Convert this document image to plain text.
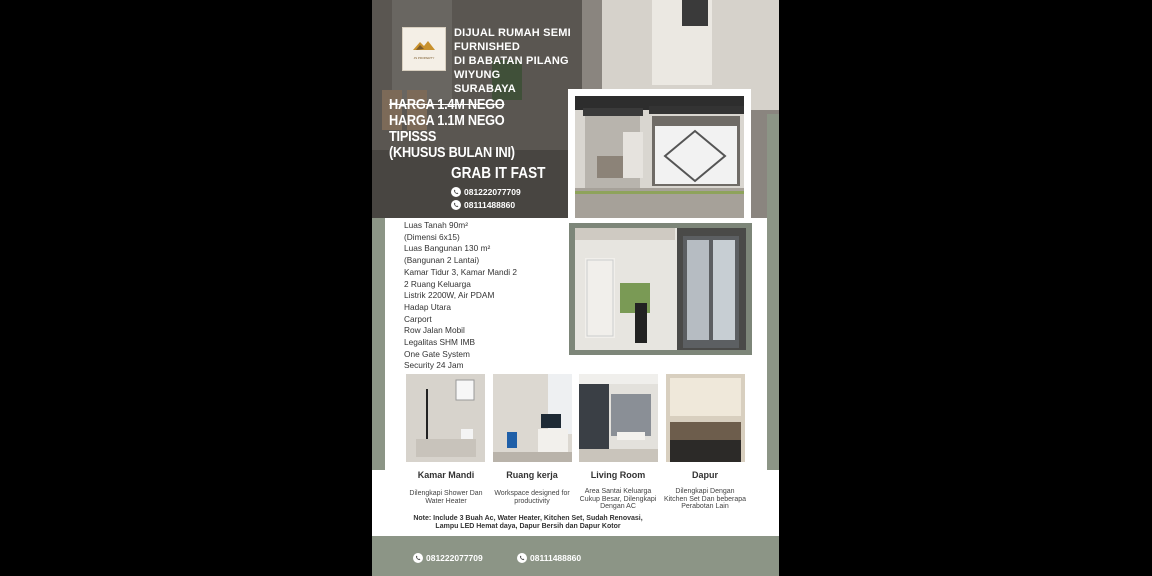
JS PROPERTY
DIJUAL RUMAH SEMI FURNISHED
DI BABATAN PILANG WIYUNG
SURABAYA
HARGA 1.4M NEGO
HARGA 1.1M NEGO TIPISSS
(KHUSUS BULAN INI)
GRAB IT FAST
081222077709
08111488860
Luas Tanah 90m²
(Dimensi 6x15)
Luas Bangunan 130 m²
(Bangunan 2 Lantai)
Kamar Tidur 3, Kamar Mandi 2
2 Ruang Keluarga
Listrik 2200W, Air PDAM
Hadap Utara
Carport
Row Jalan Mobil
Legalitas SHM IMB
One Gate System
Security 24 Jam
Kamar Mandi	Ruang kerja	Living Room	Dapur
Dilengkapi Shower Dan Water Heater
Workspace designed for productivity
Area Santai Keluarga Cukup Besar, Dilengkapi Dengan AC
Dilengkapi Dengan Kitchen Set Dan beberapa Perabotan Lain
Note: Include 3 Buah Ac, Water Heater, Kitchen Set, Sudah Renovasi, Lampu LED Hemat daya, Dapur Bersih dan Dapur Kotor
081222077709	08111488860
